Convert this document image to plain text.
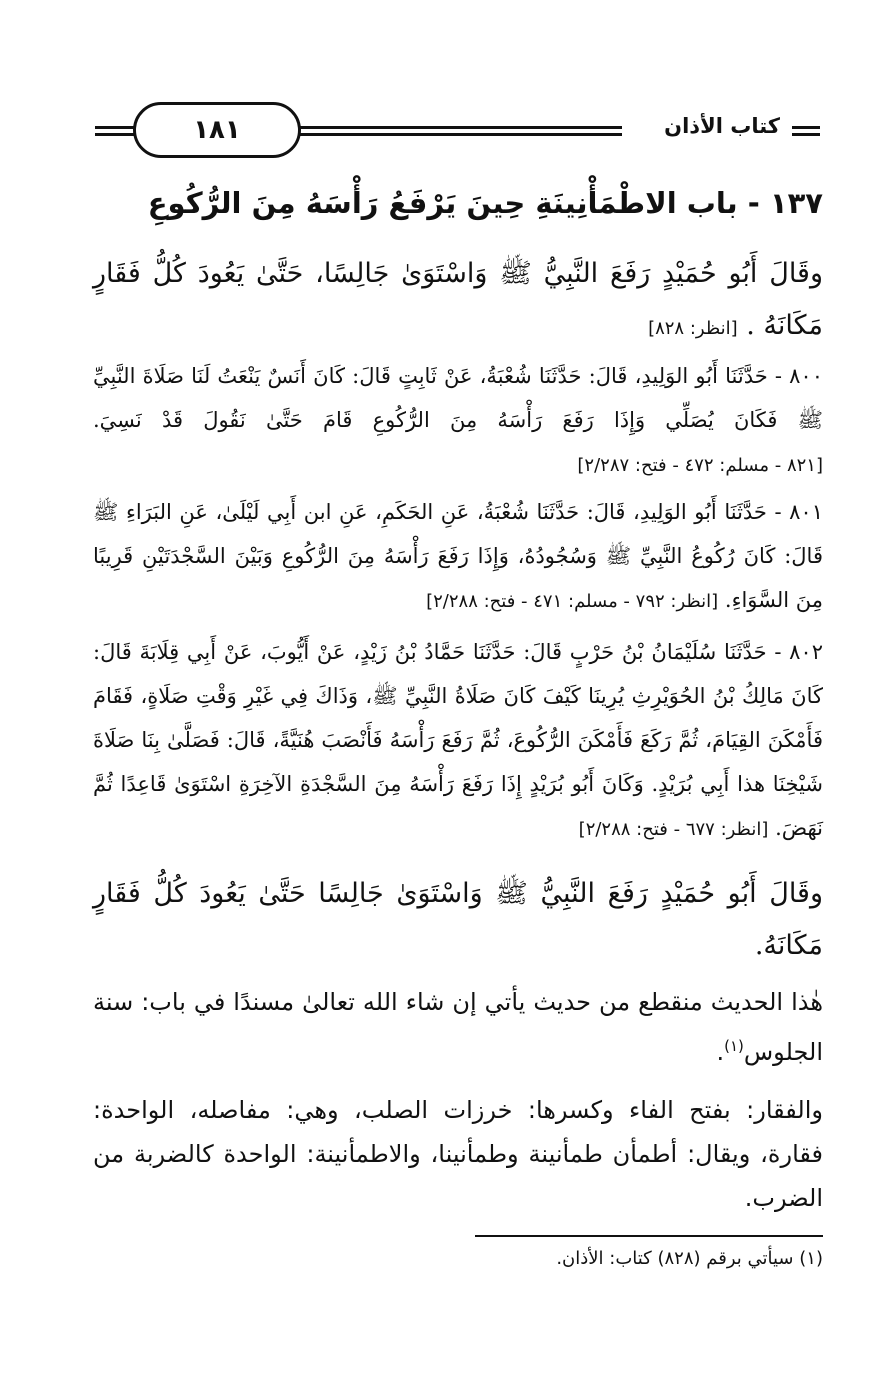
١٨١	كتاب الأذان
١٣٧ - باب الاطْمَأْنِينَةِ حِينَ يَرْفَعُ رَأْسَهُ مِنَ الرُّكُوعِ
وقَالَ أَبُو حُمَيْدٍ رَفَعَ النَّبِيُّ ﷺ وَاسْتَوَىٰ جَالِسًا، حَتَّىٰ يَعُودَ كُلُّ فَقَارٍ مَكَانَهُ . [انظر: ٨٢٨]
٨٠٠ - حَدَّثَنَا أَبُو الوَلِيدِ، قَالَ: حَدَّثَنَا شُعْبَةُ، عَنْ ثَابِتٍ قَالَ: كَانَ أَنَسٌ يَنْعَتُ لَنَا صَلَاةَ النَّبِيِّ ﷺ فَكَانَ يُصَلِّي وَإِذَا رَفَعَ رَأْسَهُ مِنَ الرُّكُوعِ قَامَ حَتَّىٰ نَقُولَ قَدْ نَسِيَ. [٨٢١ - مسلم: ٤٧٢ - فتح: ٢/٢٨٧]
٨٠١ - حَدَّثَنَا أَبُو الوَلِيدِ، قَالَ: حَدَّثَنَا شُعْبَةُ، عَنِ الحَكَمِ، عَنِ ابن أَبِي لَيْلَىٰ، عَنِ البَرَاءِ ﷺ قَالَ: كَانَ رُكُوعُ النَّبِيِّ ﷺ وَسُجُودُهُ، وَإِذَا رَفَعَ رَأْسَهُ مِنَ الرُّكُوعِ وَبَيْنَ السَّجْدَتَيْنِ قَرِيبًا مِنَ السَّوَاءِ. [انظر: ٧٩٢ - مسلم: ٤٧١ - فتح: ٢/٢٨٨]
٨٠٢ - حَدَّثَنَا سُلَيْمَانُ بْنُ حَرْبٍ قَالَ: حَدَّثَنَا حَمَّادُ بْنُ زَيْدٍ، عَنْ أَيُّوبَ، عَنْ أَبِي قِلَابَةَ قَالَ: كَانَ مَالِكُ بْنُ الحُوَيْرِثِ يُرِينَا كَيْفَ كَانَ صَلَاةُ النَّبِيِّ ﷺ، وَذَاكَ فِي غَيْرِ وَقْتِ صَلَاةٍ، فَقَامَ فَأَمْكَنَ القِيَامَ، ثُمَّ رَكَعَ فَأَمْكَنَ الرُّكُوعَ، ثُمَّ رَفَعَ رَأْسَهُ فَأَنْصَبَ هُنَيَّةً، قَالَ: فَصَلَّىٰ بِنَا صَلَاةَ شَيْخِنَا هذا أَبِي بُرَيْدٍ. وَكَانَ أَبُو بُرَيْدٍ إِذَا رَفَعَ رَأْسَهُ مِنَ السَّجْدَةِ الآخِرَةِ اسْتَوَىٰ قَاعِدًا ثُمَّ نَهَضَ. [انظر: ٦٧٧ - فتح: ٢/٢٨٨]
وقَالَ أَبُو حُمَيْدٍ رَفَعَ النَّبِيُّ ﷺ وَاسْتَوَىٰ جَالِسًا حَتَّىٰ يَعُودَ كُلُّ فَقَارٍ مَكَانَهُ.
هٰذا الحديث منقطع من حديث يأتي إن شاء الله تعالىٰ مسندًا في باب: سنة الجلوس$^{(١)}$.
والفقار: بفتح الفاء وكسرها: خرزات الصلب، وهي: مفاصله، الواحدة: فقارة، ويقال: أطمأن طمأنينة وطمأنينا، والاطمأنينة: الواحدة كالضربة من الضرب.
(١) سيأتي برقم (٨٢٨) كتاب: الأذان.
